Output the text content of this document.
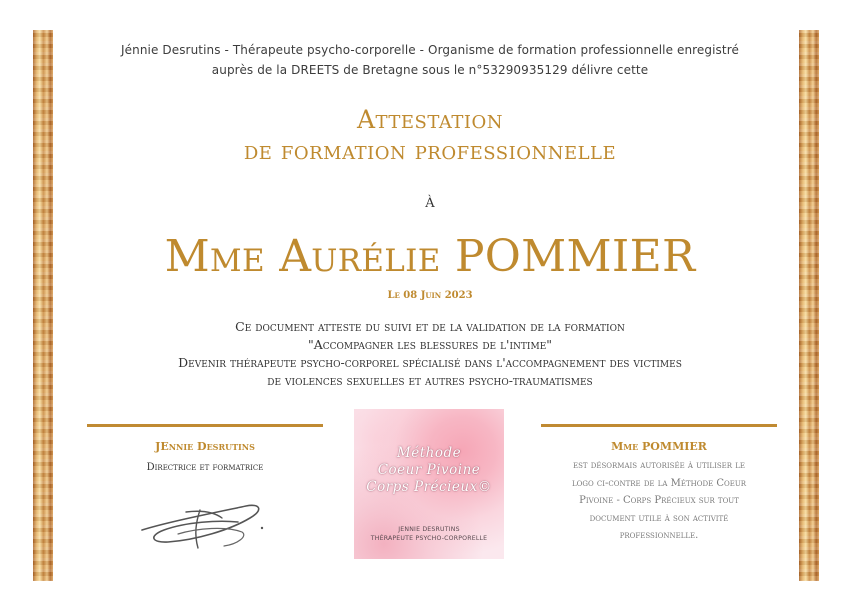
Jénnie Desrutins - Thérapeute psycho-corporelle - Organisme de formation professionnelle enregistré
auprès de la DREETS de Bretagne sous le n°53290935129 délivre cette
Attestation
de formation professionnelle
À
Mme Aurélie POMMIER
Le 08 Juin 2023
Ce document atteste du suivi et de la validation de la formation
"Accompagner les blessures de l'intime"
Devenir thérapeute psycho-corporel spécialisé dans l'accompagnement des victimes
de violences sexuelles et autres psycho-traumatismes
JEnnie Desrutins
Directrice et formatrice
Méthode
Coeur Pivoine
Corps Précieux©
JENNIE DESRUTINS
THÉRAPEUTE PSYCHO-CORPORELLE
Mme POMMIER
est désormais autorisée à utiliser le
logo ci-contre de la Méthode Coeur
Pivoine - Corps Précieux sur tout
document utile à son activité
professionnelle.
